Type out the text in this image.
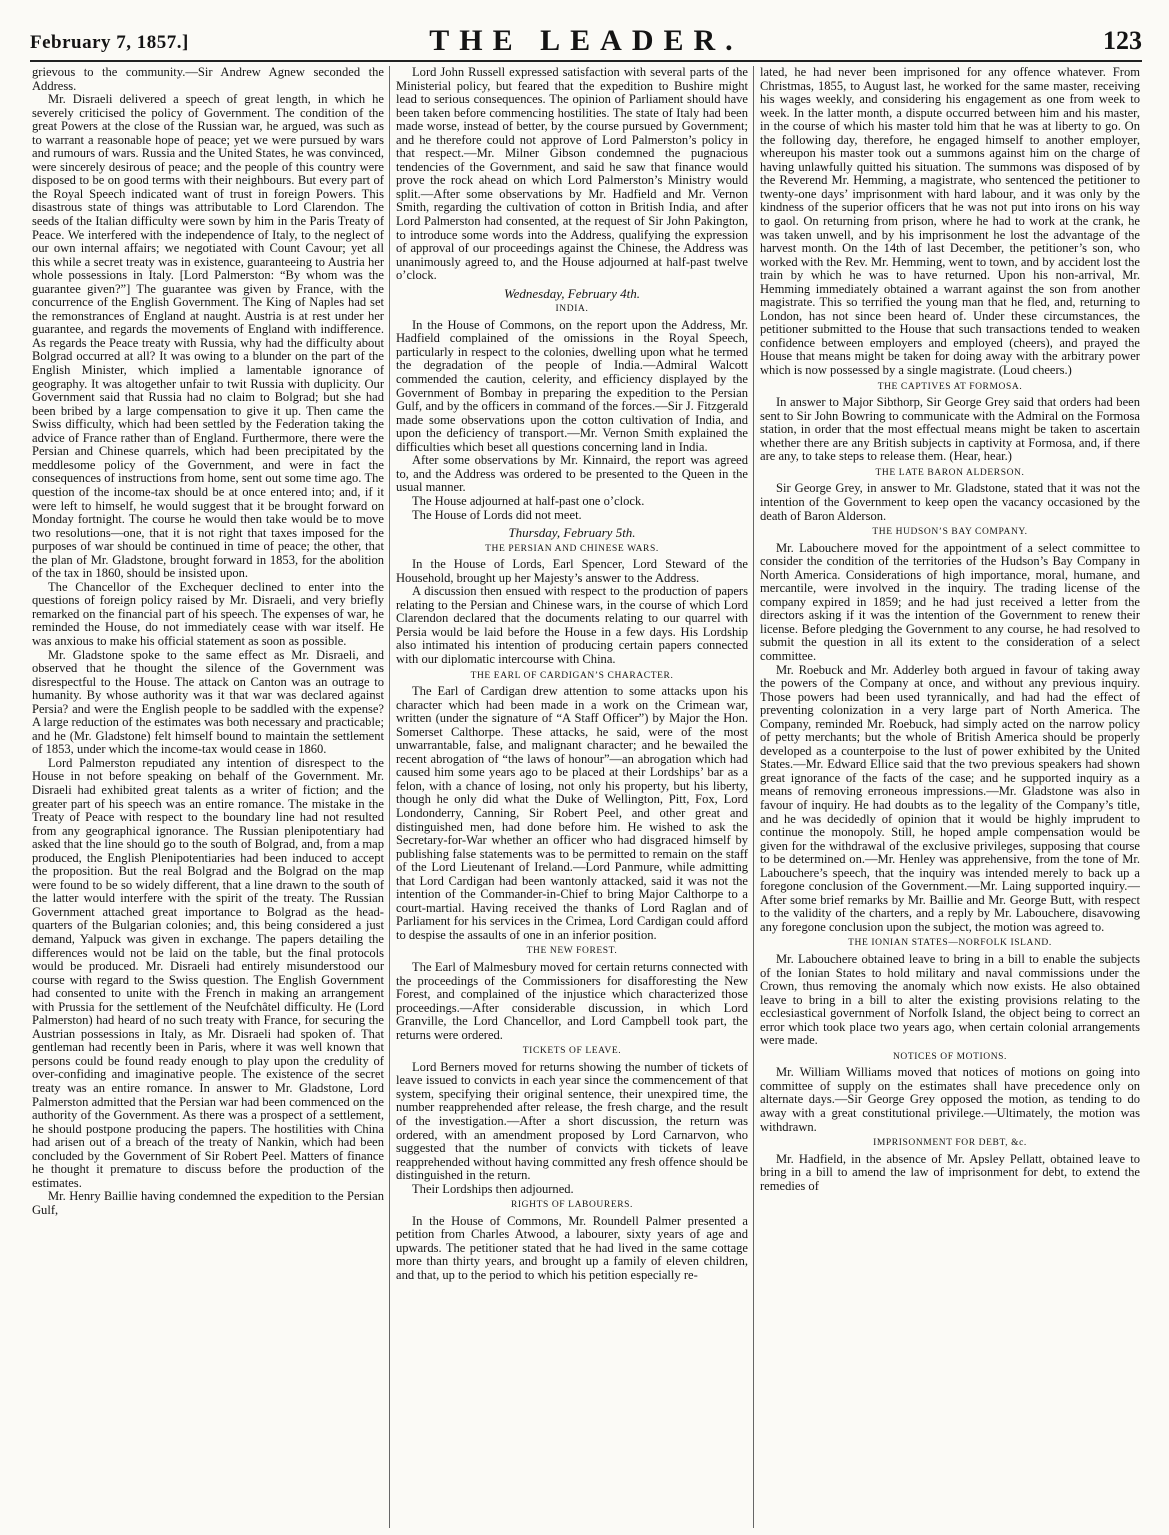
February 7, 1857.]	THE LEADER.	123

grievous to the community.—Sir Andrew Agnew seconded the Address.

Mr. Disraeli delivered a speech of great length, in which he severely criticised the policy of Government. The condition of the great Powers at the close of the Russian war, he argued, was such as to warrant a reasonable hope of peace; yet we were pursued by wars and rumours of wars. Russia and the United States, he was convinced, were sincerely desirous of peace; and the people of this country were disposed to be on good terms with their neighbours. But every part of the Royal Speech indicated want of trust in foreign Powers. This disastrous state of things was attributable to Lord Clarendon. The seeds of the Italian difficulty were sown by him in the Paris Treaty of Peace. We interfered with the independence of Italy, to the neglect of our own internal affairs; we negotiated with Count Cavour; yet all this while a secret treaty was in existence, guaranteeing to Austria her whole possessions in Italy. [Lord Palmerston: “By whom was the guarantee given?”] The guarantee was given by France, with the concurrence of the English Government. The King of Naples had set the remonstrances of England at naught. Austria is at rest under her guarantee, and regards the movements of England with indifference. As regards the Peace treaty with Russia, why had the difficulty about Bolgrad occurred at all? It was owing to a blunder on the part of the English Minister, which implied a lamentable ignorance of geography. It was altogether unfair to twit Russia with duplicity. Our Government said that Russia had no claim to Bolgrad; but she had been bribed by a large compensation to give it up. Then came the Swiss difficulty, which had been settled by the Federation taking the advice of France rather than of England. Furthermore, there were the Persian and Chinese quarrels, which had been precipitated by the meddlesome policy of the Government, and were in fact the consequences of instructions from home, sent out some time ago. The question of the income-tax should be at once entered into; and, if it were left to himself, he would suggest that it be brought forward on Monday fortnight. The course he would then take would be to move two resolutions—one, that it is not right that taxes imposed for the purposes of war should be continued in time of peace; the other, that the plan of Mr. Gladstone, brought forward in 1853, for the abolition of the tax in 1860, should be insisted upon.

The Chancellor of the Exchequer declined to enter into the questions of foreign policy raised by Mr. Disraeli, and very briefly remarked on the financial part of his speech. The expenses of war, he reminded the House, do not immediately cease with war itself. He was anxious to make his official statement as soon as possible.

Mr. Gladstone spoke to the same effect as Mr. Disraeli, and observed that he thought the silence of the Government was disrespectful to the House. The attack on Canton was an outrage to humanity. By whose authority was it that war was declared against Persia? and were the English people to be saddled with the expense? A large reduction of the estimates was both necessary and practicable; and he (Mr. Gladstone) felt himself bound to maintain the settlement of 1853, under which the income-tax would cease in 1860.

Lord Palmerston repudiated any intention of disrespect to the House in not before speaking on behalf of the Government. Mr. Disraeli had exhibited great talents as a writer of fiction; and the greater part of his speech was an entire romance. The mistake in the Treaty of Peace with respect to the boundary line had not resulted from any geographical ignorance. The Russian plenipotentiary had asked that the line should go to the south of Bolgrad, and, from a map produced, the English Plenipotentiaries had been induced to accept the proposition. But the real Bolgrad and the Bolgrad on the map were found to be so widely different, that a line drawn to the south of the latter would interfere with the spirit of the treaty. The Russian Government attached great importance to Bolgrad as the head-quarters of the Bulgarian colonies; and, this being considered a just demand, Yalpuck was given in exchange. The papers detailing the differences would not be laid on the table, but the final protocols would be produced. Mr. Disraeli had entirely misunderstood our course with regard to the Swiss question. The English Government had consented to unite with the French in making an arrangement with Prussia for the settlement of the Neufchâtel difficulty. He (Lord Palmerston) had heard of no such treaty with France, for securing the Austrian possessions in Italy, as Mr. Disraeli had spoken of. That gentleman had recently been in Paris, where it was well known that persons could be found ready enough to play upon the credulity of over-confiding and imaginative people. The existence of the secret treaty was an entire romance. In answer to Mr. Gladstone, Lord Palmerston admitted that the Persian war had been commenced on the authority of the Government. As there was a prospect of a settlement, he should postpone producing the papers. The hostilities with China had arisen out of a breach of the treaty of Nankin, which had been concluded by the Government of Sir Robert Peel. Matters of finance he thought it premature to discuss before the production of the estimates.

Mr. Henry Baillie having condemned the expedition to the Persian Gulf,

Lord John Russell expressed satisfaction with several parts of the Ministerial policy, but feared that the expedition to Bushire might lead to serious consequences. The opinion of Parliament should have been taken before commencing hostilities. The state of Italy had been made worse, instead of better, by the course pursued by Government; and he therefore could not approve of Lord Palmerston’s policy in that respect.—Mr. Milner Gibson condemned the pugnacious tendencies of the Government, and said he saw that finance would prove the rock ahead on which Lord Palmerston’s Ministry would split.—After some observations by Mr. Hadfield and Mr. Vernon Smith, regarding the cultivation of cotton in British India, and after Lord Palmerston had consented, at the request of Sir John Pakington, to introduce some words into the Address, qualifying the expression of approval of our proceedings against the Chinese, the Address was unanimously agreed to, and the House adjourned at half-past twelve o’clock.

Wednesday, February 4th.
INDIA.

In the House of Commons, on the report upon the Address, Mr. Hadfield complained of the omissions in the Royal Speech, particularly in respect to the colonies, dwelling upon what he termed the degradation of the people of India.—Admiral Walcott commended the caution, celerity, and efficiency displayed by the Government of Bombay in preparing the expedition to the Persian Gulf, and by the officers in command of the forces.—Sir J. Fitzgerald made some observations upon the cotton cultivation of India, and upon the deficiency of transport.—Mr. Vernon Smith explained the difficulties which beset all questions concerning land in India.

After some observations by Mr. Kinnaird, the report was agreed to, and the Address was ordered to be presented to the Queen in the usual manner.

The House adjourned at half-past one o’clock.

The House of Lords did not meet.

Thursday, February 5th.
THE PERSIAN AND CHINESE WARS.

In the House of Lords, Earl Spencer, Lord Steward of the Household, brought up her Majesty’s answer to the Address.

A discussion then ensued with respect to the production of papers relating to the Persian and Chinese wars, in the course of which Lord Clarendon declared that the documents relating to our quarrel with Persia would be laid before the House in a few days. His Lordship also intimated his intention of producing certain papers connected with our diplomatic intercourse with China.

THE EARL OF CARDIGAN’S CHARACTER.

The Earl of Cardigan drew attention to some attacks upon his character which had been made in a work on the Crimean war, written (under the signature of “A Staff Officer”) by Major the Hon. Somerset Calthorpe. These attacks, he said, were of the most unwarrantable, false, and malignant character; and he bewailed the recent abrogation of “the laws of honour”—an abrogation which had caused him some years ago to be placed at their Lordships’ bar as a felon, with a chance of losing, not only his property, but his liberty, though he only did what the Duke of Wellington, Pitt, Fox, Lord Londonderry, Canning, Sir Robert Peel, and other great and distinguished men, had done before him. He wished to ask the Secretary-for-War whether an officer who had disgraced himself by publishing false statements was to be permitted to remain on the staff of the Lord Lieutenant of Ireland.—Lord Panmure, while admitting that Lord Cardigan had been wantonly attacked, said it was not the intention of the Commander-in-Chief to bring Major Calthorpe to a court-martial. Having received the thanks of Lord Raglan and of Parliament for his services in the Crimea, Lord Cardigan could afford to despise the assaults of one in an inferior position.

THE NEW FOREST.

The Earl of Malmesbury moved for certain returns connected with the proceedings of the Commissioners for disafforesting the New Forest, and complained of the injustice which characterized those proceedings.—After considerable discussion, in which Lord Granville, the Lord Chancellor, and Lord Campbell took part, the returns were ordered.

TICKETS OF LEAVE.

Lord Berners moved for returns showing the number of tickets of leave issued to convicts in each year since the commencement of that system, specifying their original sentence, their unexpired time, the number reapprehended after release, the fresh charge, and the result of the investigation.—After a short discussion, the return was ordered, with an amendment proposed by Lord Carnarvon, who suggested that the number of convicts with tickets of leave reapprehended without having committed any fresh offence should be distinguished in the return.

Their Lordships then adjourned.

RIGHTS OF LABOURERS.

In the House of Commons, Mr. Roundell Palmer presented a petition from Charles Atwood, a labourer, sixty years of age and upwards. The petitioner stated that he had lived in the same cottage more than thirty years, and brought up a family of eleven children, and that, up to the period to which his petition especially re-

lated, he had never been imprisoned for any offence whatever. From Christmas, 1855, to August last, he worked for the same master, receiving his wages weekly, and considering his engagement as one from week to week. In the latter month, a dispute occurred between him and his master, in the course of which his master told him that he was at liberty to go. On the following day, therefore, he engaged himself to another employer, whereupon his master took out a summons against him on the charge of having unlawfully quitted his situation. The summons was disposed of by the Reverend Mr. Hemming, a magistrate, who sentenced the petitioner to twenty-one days’ imprisonment with hard labour, and it was only by the kindness of the superior officers that he was not put into irons on his way to gaol. On returning from prison, where he had to work at the crank, he was taken unwell, and by his imprisonment he lost the advantage of the harvest month. On the 14th of last December, the petitioner’s son, who worked with the Rev. Mr. Hemming, went to town, and by accident lost the train by which he was to have returned. Upon his non-arrival, Mr. Hemming immediately obtained a warrant against the son from another magistrate. This so terrified the young man that he fled, and, returning to London, has not since been heard of. Under these circumstances, the petitioner submitted to the House that such transactions tended to weaken confidence between employers and employed (cheers), and prayed the House that means might be taken for doing away with the arbitrary power which is now possessed by a single magistrate. (Loud cheers.)

THE CAPTIVES AT FORMOSA.

In answer to Major Sibthorp, Sir George Grey said that orders had been sent to Sir John Bowring to communicate with the Admiral on the Formosa station, in order that the most effectual means might be taken to ascertain whether there are any British subjects in captivity at Formosa, and, if there are any, to take steps to release them. (Hear, hear.)

THE LATE BARON ALDERSON.

Sir George Grey, in answer to Mr. Gladstone, stated that it was not the intention of the Government to keep open the vacancy occasioned by the death of Baron Alderson.

THE HUDSON’S BAY COMPANY.

Mr. Labouchere moved for the appointment of a select committee to consider the condition of the territories of the Hudson’s Bay Company in North America. Considerations of high importance, moral, humane, and mercantile, were involved in the inquiry. The trading license of the company expired in 1859; and he had just received a letter from the directors asking if it was the intention of the Government to renew their license. Before pledging the Government to any course, he had resolved to submit the question in all its extent to the consideration of a select committee.

Mr. Roebuck and Mr. Adderley both argued in favour of taking away the powers of the Company at once, and without any previous inquiry. Those powers had been used tyrannically, and had had the effect of preventing colonization in a very large part of North America. The Company, reminded Mr. Roebuck, had simply acted on the narrow policy of petty merchants; but the whole of British America should be properly developed as a counterpoise to the lust of power exhibited by the United States.—Mr. Edward Ellice said that the two previous speakers had shown great ignorance of the facts of the case; and he supported inquiry as a means of removing erroneous impressions.—Mr. Gladstone was also in favour of inquiry. He had doubts as to the legality of the Company’s title, and he was decidedly of opinion that it would be highly imprudent to continue the monopoly. Still, he hoped ample compensation would be given for the withdrawal of the exclusive privileges, supposing that course to be determined on.—Mr. Henley was apprehensive, from the tone of Mr. Labouchere’s speech, that the inquiry was intended merely to back up a foregone conclusion of the Government.—Mr. Laing supported inquiry.—After some brief remarks by Mr. Baillie and Mr. George Butt, with respect to the validity of the charters, and a reply by Mr. Labouchere, disavowing any foregone conclusion upon the subject, the motion was agreed to.

THE IONIAN STATES—NORFOLK ISLAND.

Mr. Labouchere obtained leave to bring in a bill to enable the subjects of the Ionian States to hold military and naval commissions under the Crown, thus removing the anomaly which now exists. He also obtained leave to bring in a bill to alter the existing provisions relating to the ecclesiastical government of Norfolk Island, the object being to correct an error which took place two years ago, when certain colonial arrangements were made.

NOTICES OF MOTIONS.

Mr. William Williams moved that notices of motions on going into committee of supply on the estimates shall have precedence only on alternate days.—Sir George Grey opposed the motion, as tending to do away with a great constitutional privilege.—Ultimately, the motion was withdrawn.

IMPRISONMENT FOR DEBT, &c.

Mr. Hadfield, in the absence of Mr. Apsley Pellatt, obtained leave to bring in a bill to amend the law of imprisonment for debt, to extend the remedies of
